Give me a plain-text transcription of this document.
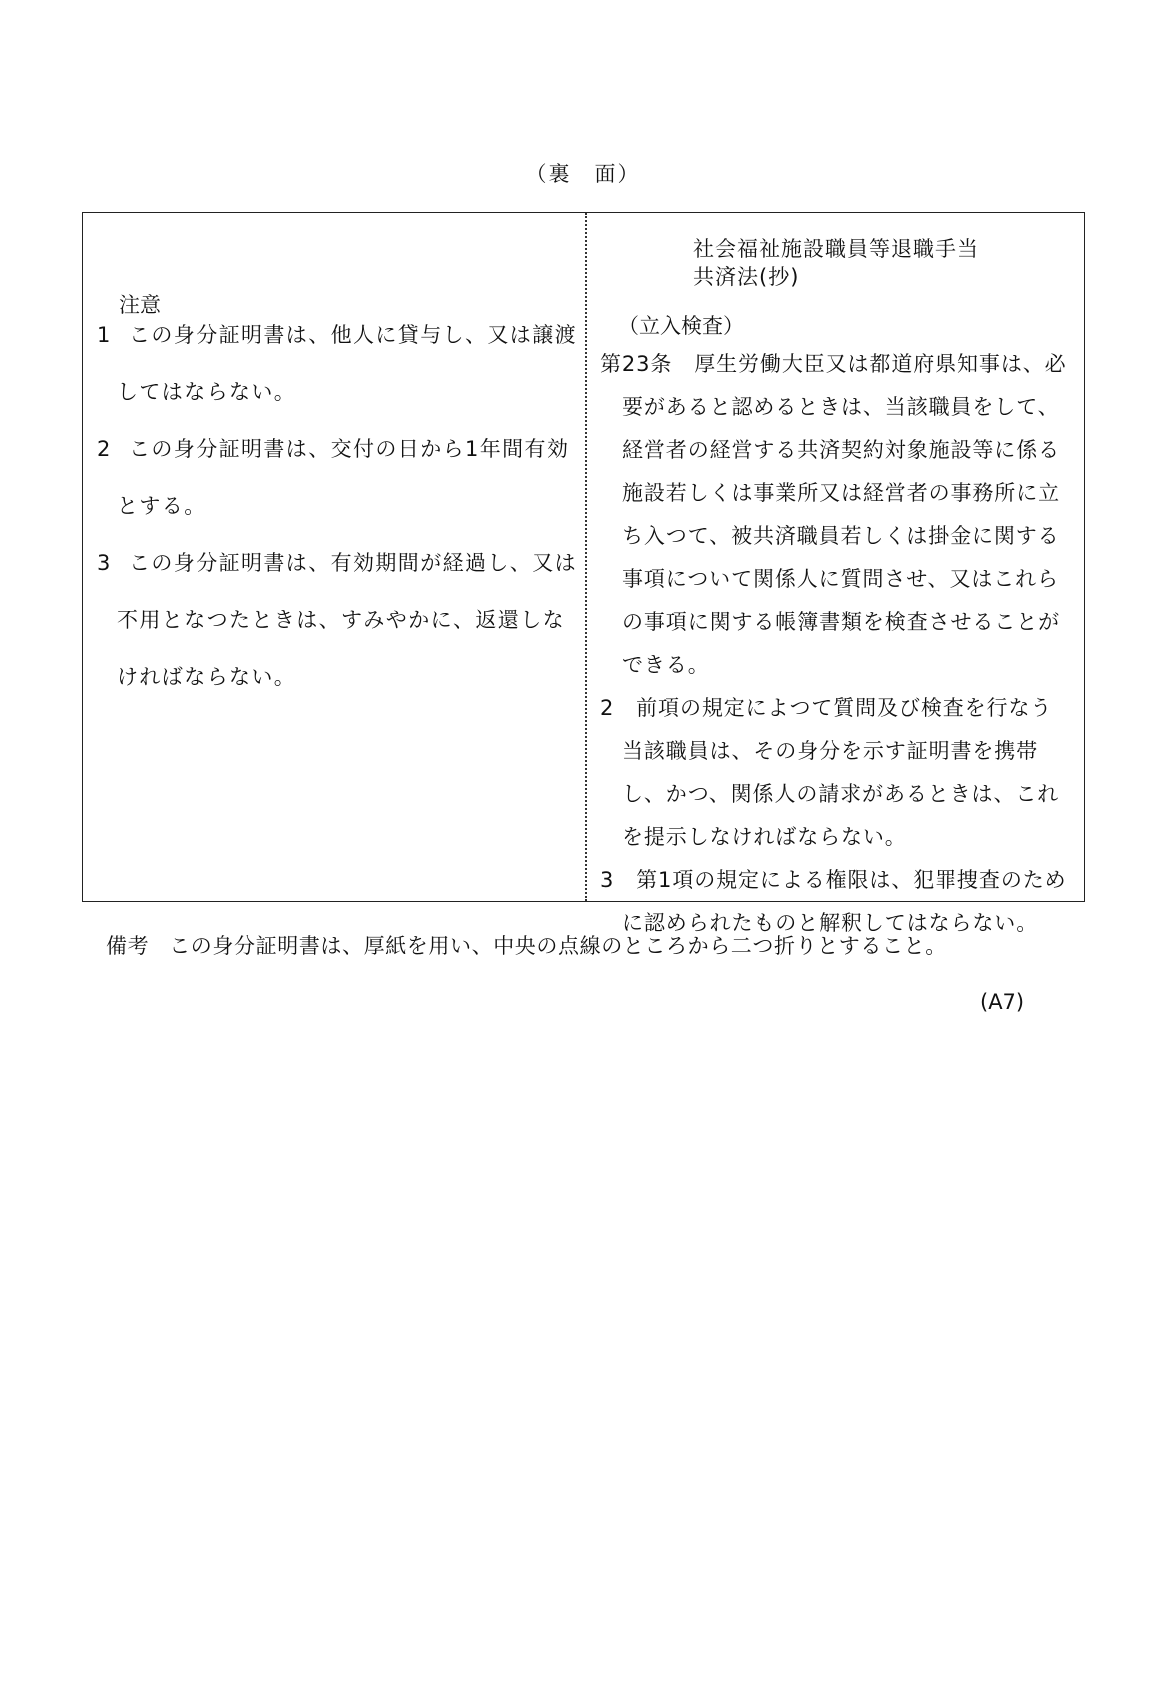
（裏　面）
注意
1 この身分証明書は、他人に貸与し、又は譲渡してはならない。
2 この身分証明書は、交付の日から1年間有効とする。
3 この身分証明書は、有効期間が経過し、又は不用となつたときは、すみやかに、返還しなければならない。
社会福祉施設職員等退職手当
共済法(抄)
（立入検査）

第23条　 厚生労働大臣又は都道府県知事は、必要があると認めるときは、当該職員をして、経営者の経営する共済契約対象施設等に係る施設若しくは事業所又は経営者の事務所に立ち入つて、被共済職員若しくは掛金に関する事項について関係人に質問させ、又はこれらの事項に関する帳簿書類を検査させることができる。

2　前項の規定によつて質問及び検査を行なう当該職員は、その身分を示す証明書を携帯し、かつ、関係人の請求があるときは、これを提示しなければならない。

3　第1項の規定による権限は、犯罪捜査のために認められたものと解釈してはならない。

備考 この身分証明書は、厚紙を用い、中央の点線のところから二つ折りとすること。
(A7)
